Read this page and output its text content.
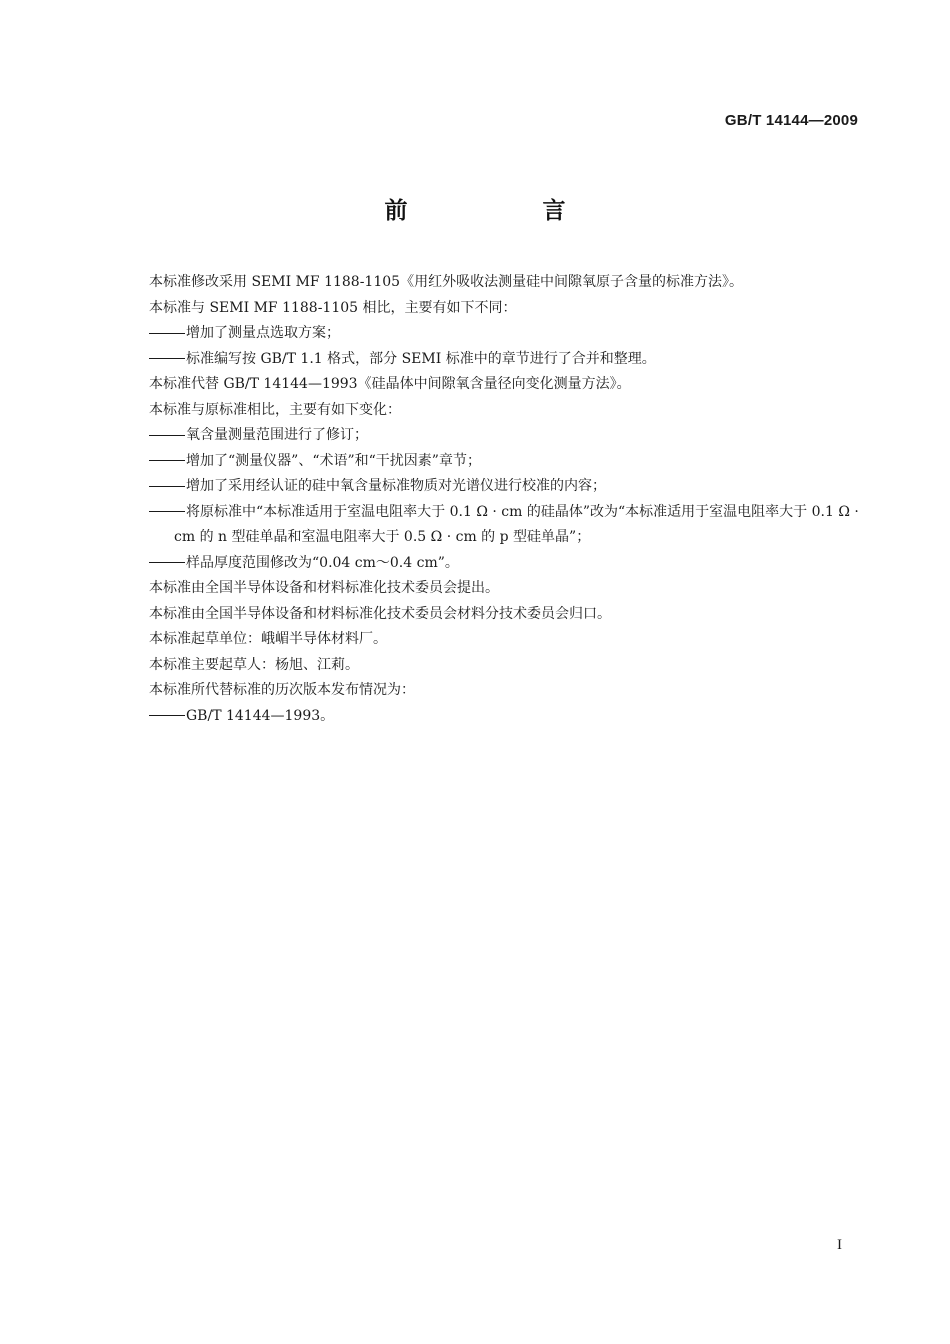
GB/T 14144—2009
前　言

本标准修改采用 SEMI MF 1188-1105《用红外吸收法测量硅中间隙氧原子含量的标准方法》。

本标准与 SEMI MF 1188-1105 相比，主要有如下不同：

增加了测量点选取方案；

标准编写按 GB/T 1.1 格式，部分 SEMI 标准中的章节进行了合并和整理。

本标准代替 GB/T 14144—1993《硅晶体中间隙氧含量径向变化测量方法》。

本标准与原标准相比，主要有如下变化：

氧含量测量范围进行了修订；

增加了“测量仪器”、“术语”和“干扰因素”章节；

增加了采用经认证的硅中氧含量标准物质对光谱仪进行校准的内容；

将原标准中“本标准适用于室温电阻率大于 0.1 Ω · cm 的硅晶体”改为“本标准适用于室温电阻率大于 0.1 Ω · cm 的 n 型硅单晶和室温电阻率大于 0.5 Ω · cm 的 p 型硅单晶”；

样品厚度范围修改为“0.04 cm～0.4 cm”。

本标准由全国半导体设备和材料标准化技术委员会提出。

本标准由全国半导体设备和材料标准化技术委员会材料分技术委员会归口。

本标准起草单位：峨嵋半导体材料厂。

本标准主要起草人：杨旭、江莉。

本标准所代替标准的历次版本发布情况为：

GB/T 14144—1993。

I
